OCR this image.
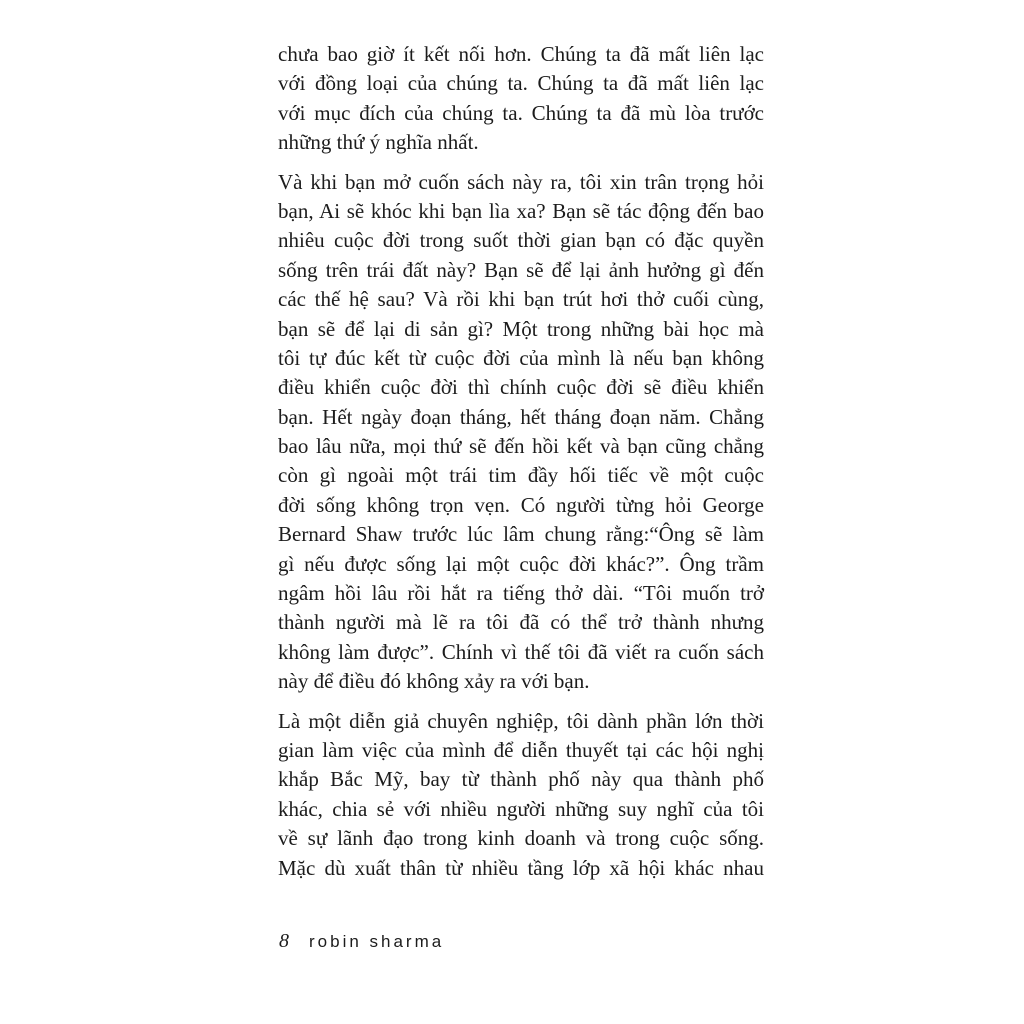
chưa bao giờ ít kết nối hơn. Chúng ta đã mất liên lạc
với đồng loại của chúng ta. Chúng ta đã mất liên lạc
với mục đích của chúng ta. Chúng ta đã mù lòa trước
những thứ ý nghĩa nhất.
Và khi bạn mở cuốn sách này ra, tôi xin trân trọng hỏi
bạn, Ai sẽ khóc khi bạn lìa xa? Bạn sẽ tác động đến bao
nhiêu cuộc đời trong suốt thời gian bạn có đặc quyền
sống trên trái đất này? Bạn sẽ để lại ảnh hưởng gì đến
các thế hệ sau? Và rồi khi bạn trút hơi thở cuối cùng,
bạn sẽ để lại di sản gì? Một trong những bài học mà
tôi tự đúc kết từ cuộc đời của mình là nếu bạn không
điều khiển cuộc đời thì chính cuộc đời sẽ điều khiển
bạn. Hết ngày đoạn tháng, hết tháng đoạn năm. Chẳng
bao lâu nữa, mọi thứ sẽ đến hồi kết và bạn cũng chẳng
còn gì ngoài một trái tim đầy hối tiếc về một cuộc
đời sống không trọn vẹn. Có người từng hỏi George
Bernard Shaw trước lúc lâm chung rằng:“Ông sẽ làm
gì nếu được sống lại một cuộc đời khác?”. Ông trầm
ngâm hồi lâu rồi hắt ra tiếng thở dài. “Tôi muốn trở
thành người mà lẽ ra tôi đã có thể trở thành nhưng
không làm được”. Chính vì thế tôi đã viết ra cuốn sách
này để điều đó không xảy ra với bạn.
Là một diễn giả chuyên nghiệp, tôi dành phần lớn thời
gian làm việc của mình để diễn thuyết tại các hội nghị
khắp Bắc Mỹ, bay từ thành phố này qua thành phố
khác, chia sẻ với nhiều người những suy nghĩ của tôi
về sự lãnh đạo trong kinh doanh và trong cuộc sống.
Mặc dù xuất thân từ nhiều tầng lớp xã hội khác nhau
8 robin sharma
